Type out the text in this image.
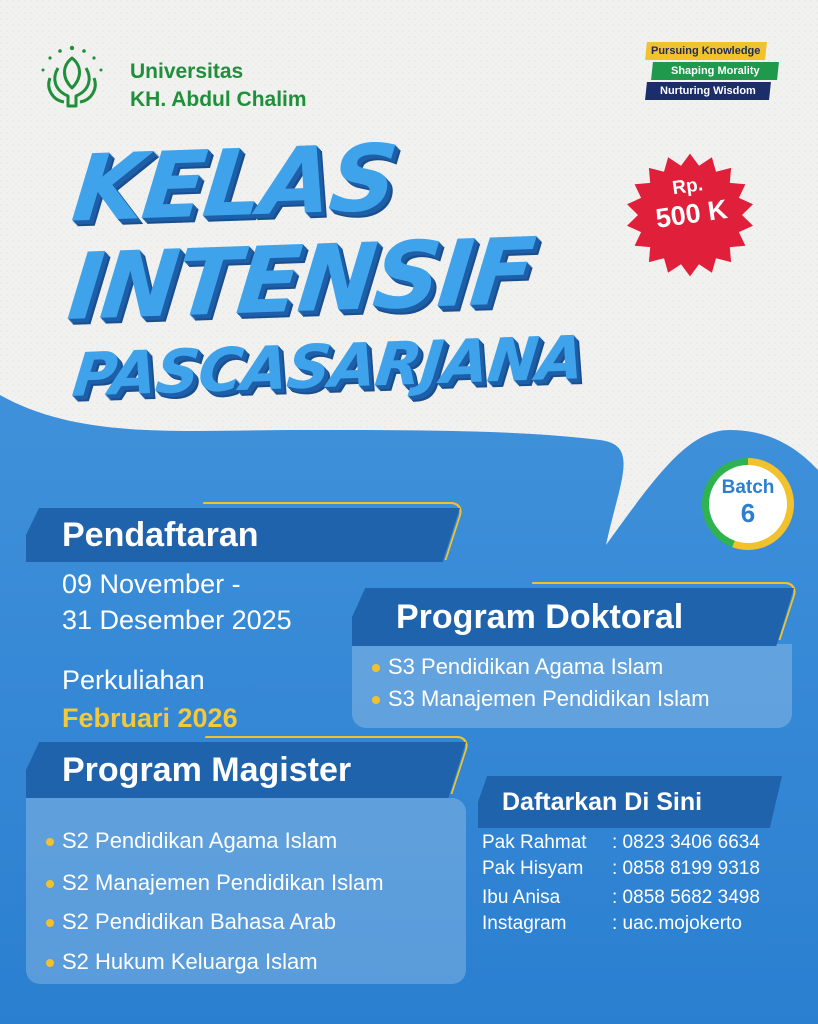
Universitas
KH. Abdul Chalim
Pursuing Knowledge
Shaping Morality
Nurturing Wisdom
KELAS
INTENSIF
PASCASARJANA
Rp.
500 K
Batch
6
Pendaftaran
09 November -
31 Desember 2025
Perkuliahan
Februari 2026
S3 Pendidikan Agama Islam
S3 Manajemen Pendidikan Islam
Program Doktoral
S2 Pendidikan Agama Islam
S2 Manajemen Pendidikan Islam
S2 Pendidikan Bahasa Arab
S2 Hukum Keluarga Islam
Program Magister
Daftarkan Di Sini
Pak Rahmat : 0823 3406 6634
Pak Hisyam : 0858 8199 9318
Ibu Anisa	: 0858 5682 3498
Instagram : uac.mojokerto
